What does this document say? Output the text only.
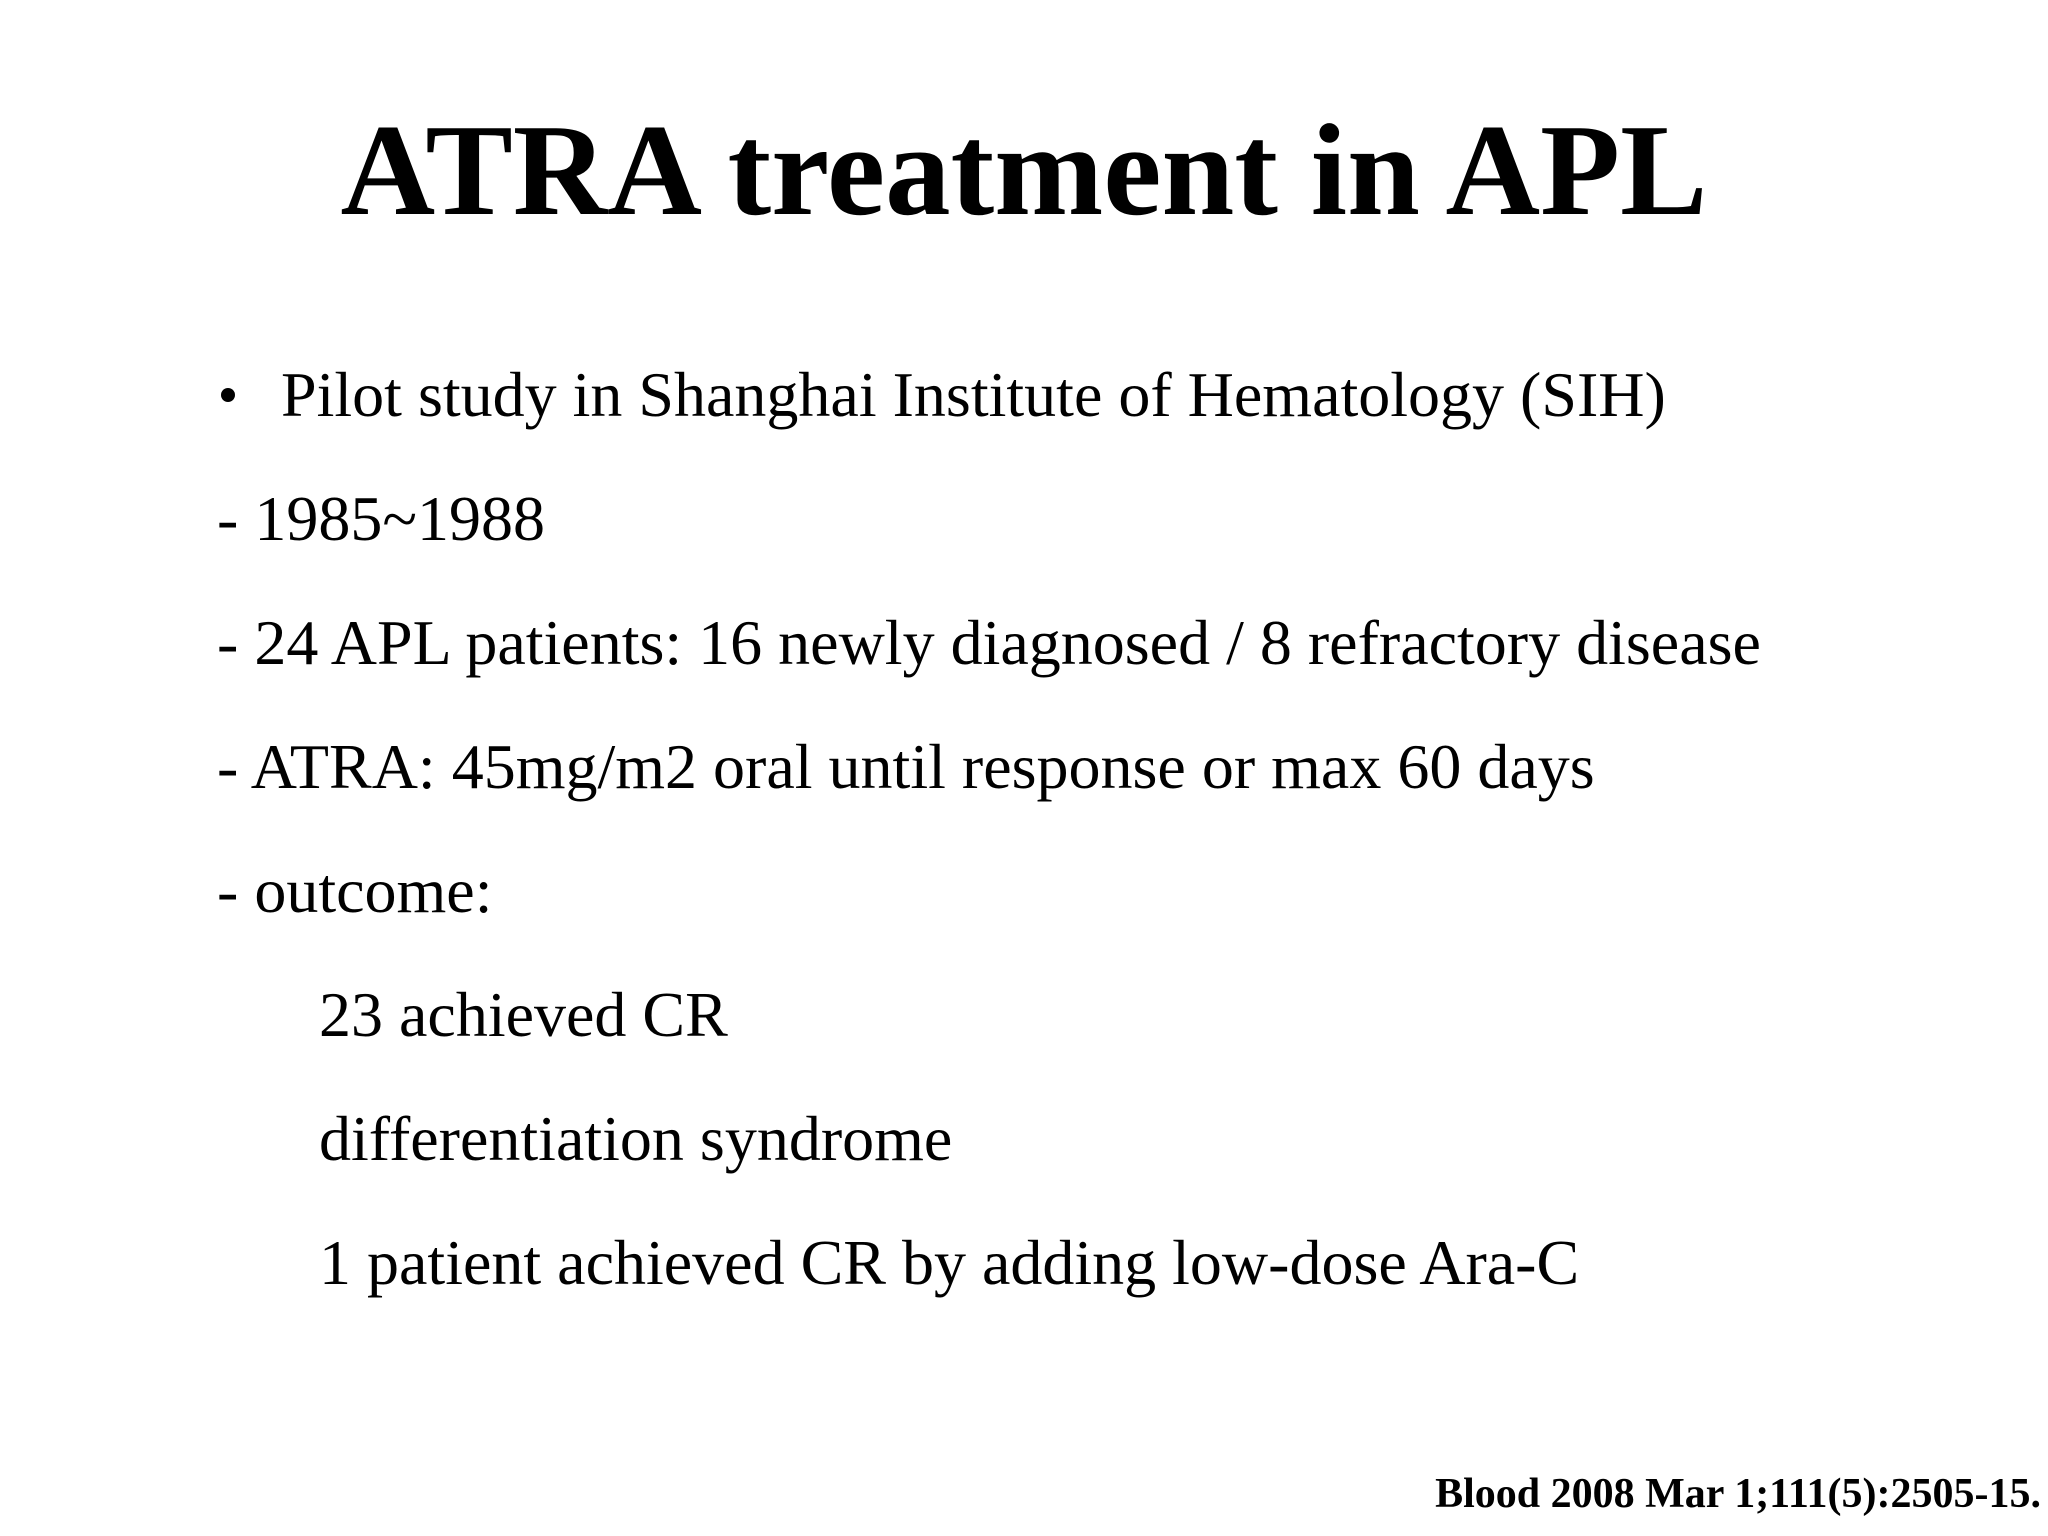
ATRA treatment in APL
Pilot study in Shanghai Institute of Hematology (SIH)
- 1985~1988
- 24 APL patients: 16 newly diagnosed / 8 refractory disease
- ATRA: 45mg/m2 oral until response or max 60 days
- outcome:
23 achieved CR
differentiation syndrome
1 patient achieved CR by adding low-dose Ara-C
Blood 2008 Mar 1;111(5):2505-15.
